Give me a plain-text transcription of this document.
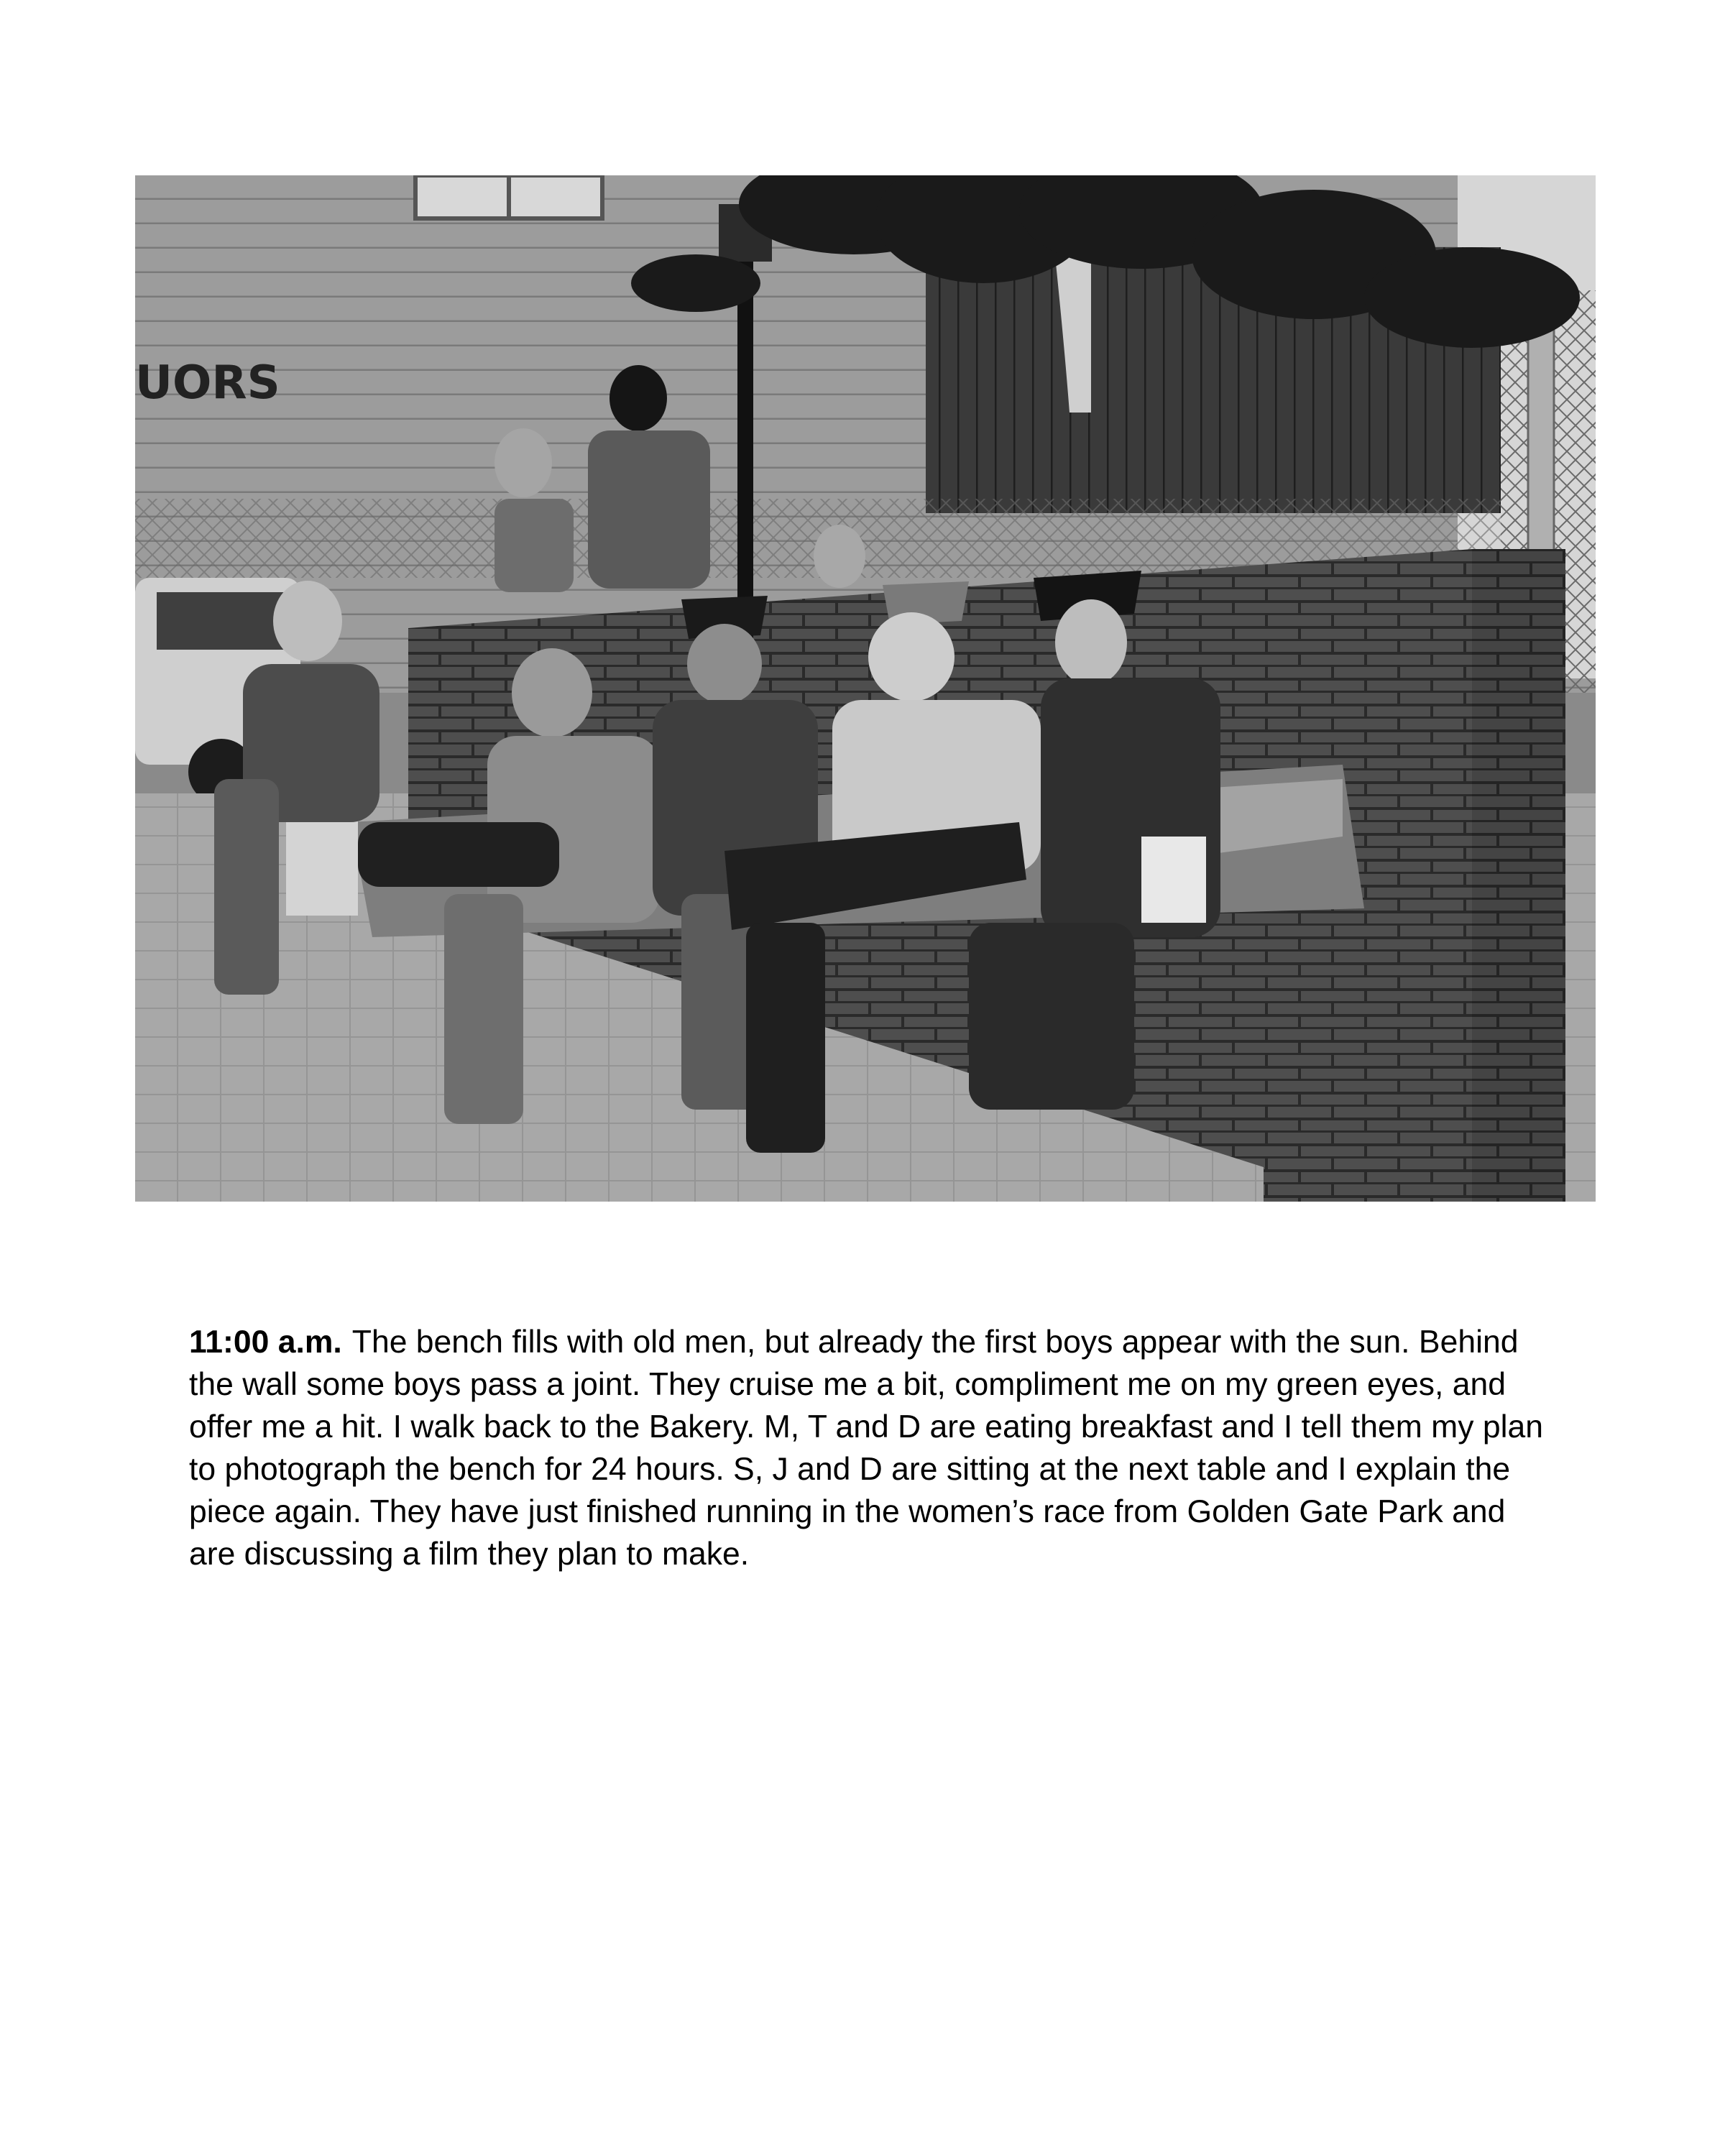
UORS

11:00 a.m. The bench fills with old men, but already the first boys appear with the sun. Behind the wall some boys pass a joint. They cruise me a bit, compliment me on my green eyes, and offer me a hit. I walk back to the Bakery. M, T and D are eating breakfast and I tell them my plan to photograph the bench for 24 hours. S, J and D are sitting at the next table and I explain the piece again. They have just finished running in the women’s race from Golden Gate Park and are discussing a film they plan to make.
